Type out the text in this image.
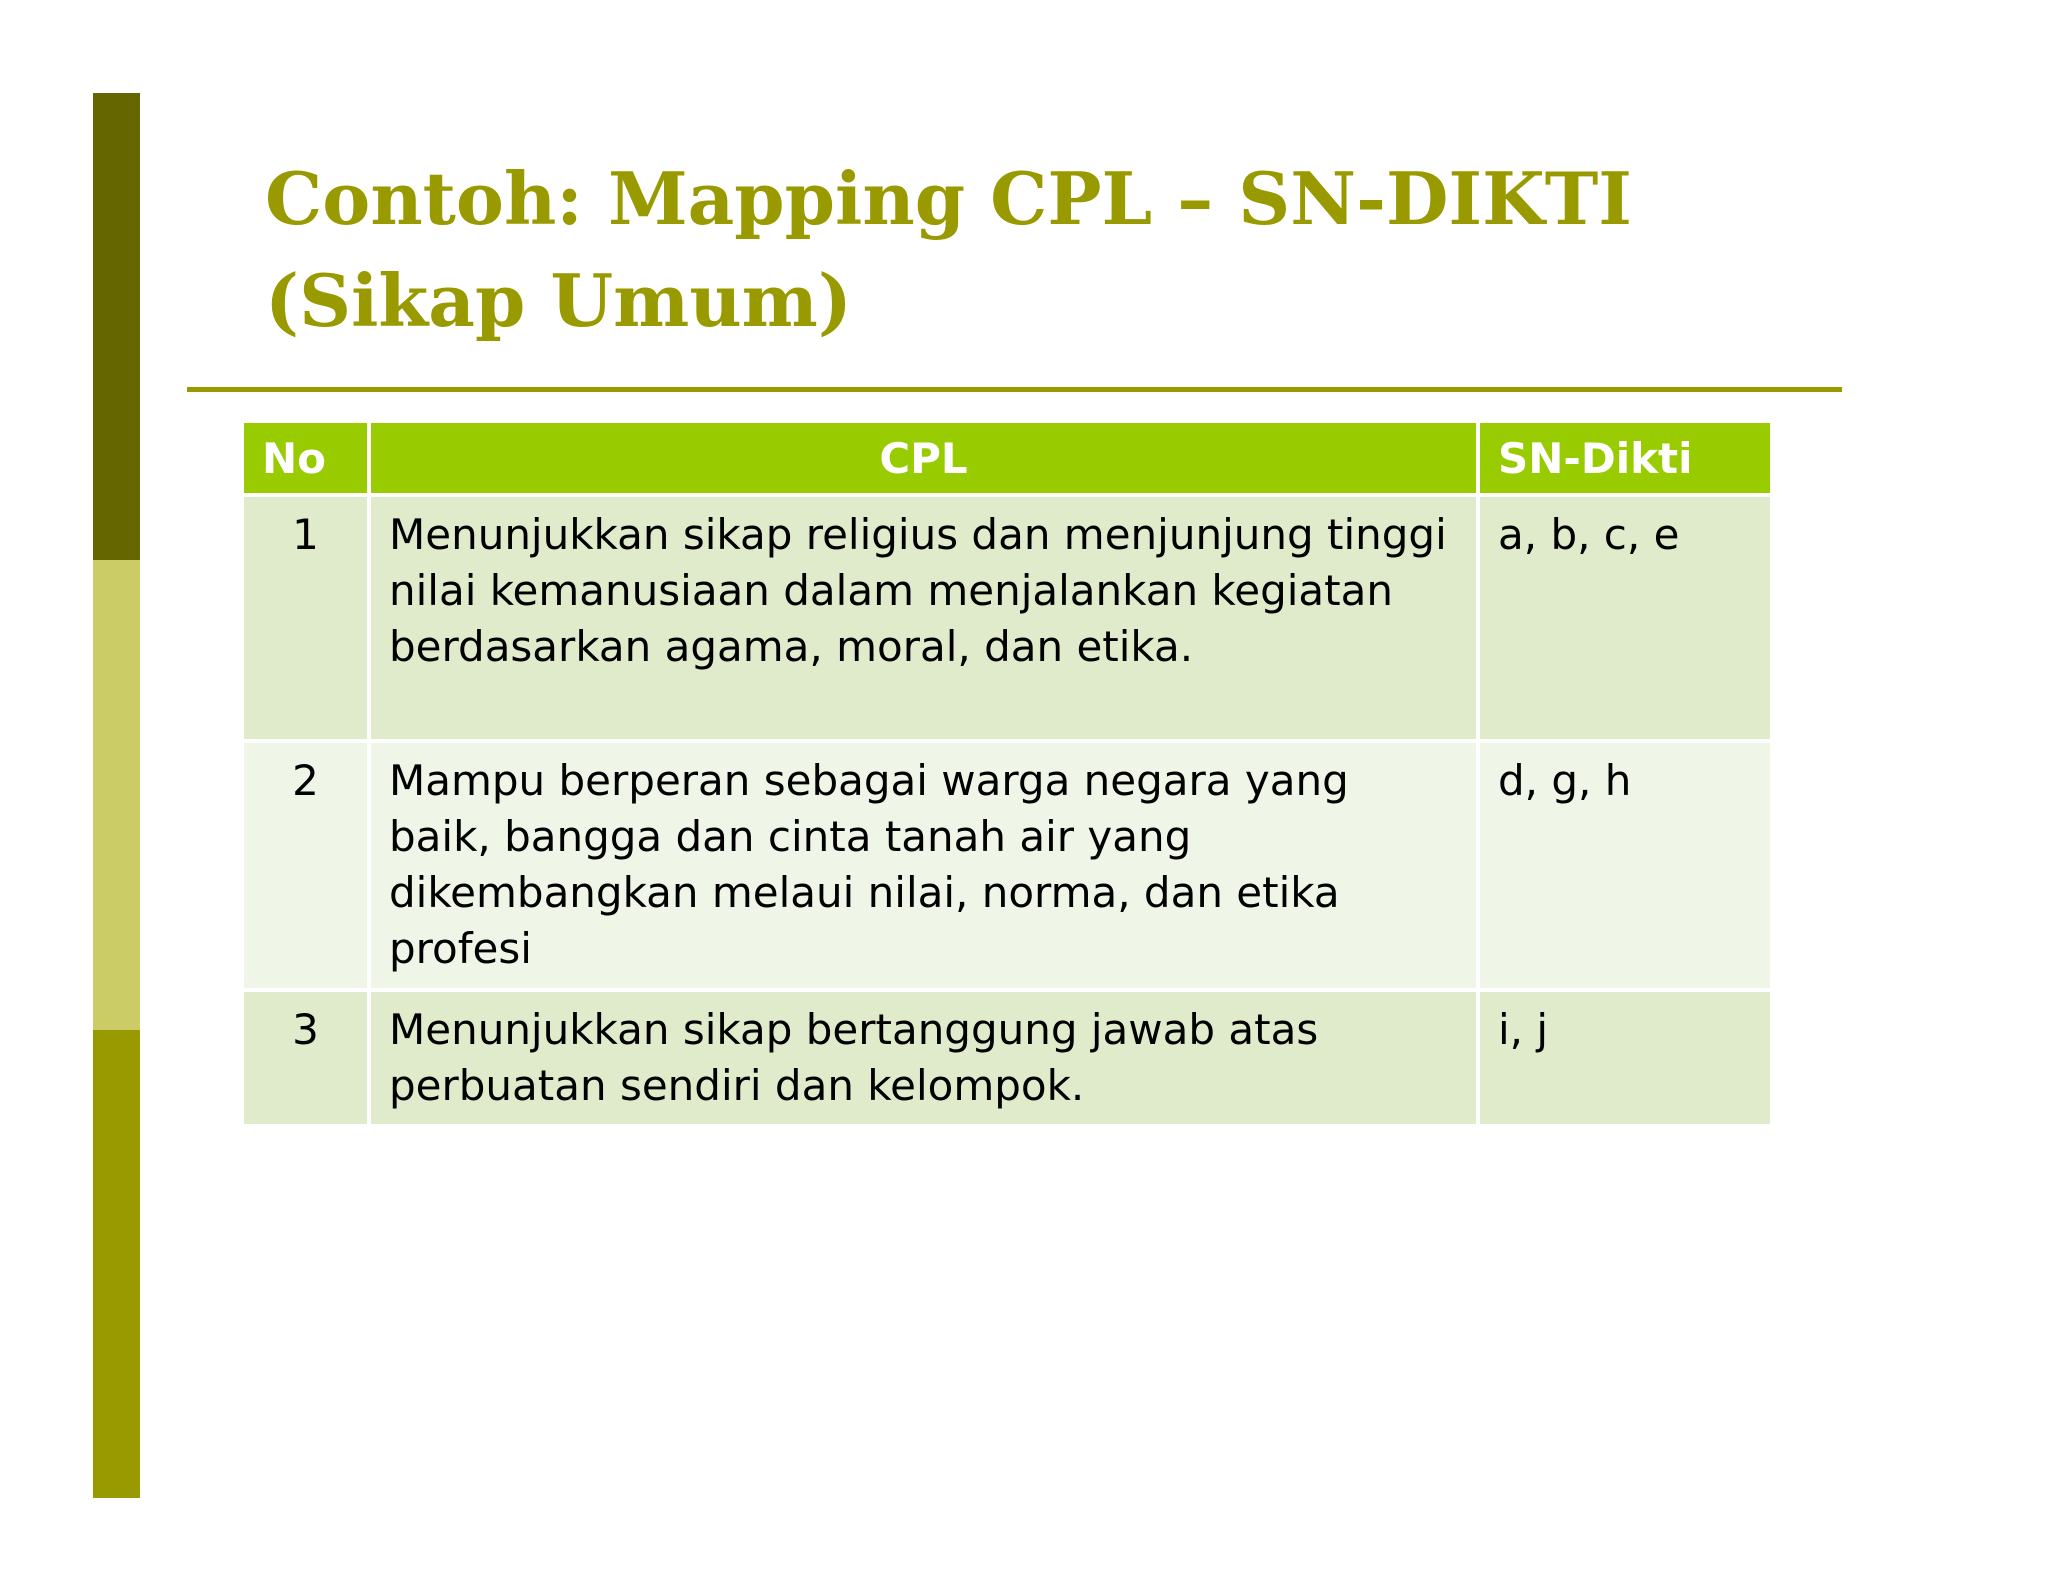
Contoh: Mapping CPL – SN-DIKTI (Sikap Umum)
No	CPL	SN-Dikti
1	Menunjukkan sikap religius dan menjunjung tinggi nilai kemanusiaan dalam menjalankan kegiatan berdasarkan agama, moral, dan etika.	a, b, c, e
2	Mampu berperan sebagai warga negara yang baik, bangga dan cinta tanah air yang dikembangkan melaui nilai, norma, dan etika profesi	d, g, h
3	Menunjukkan sikap bertanggung jawab atas perbuatan sendiri dan kelompok.	i, j
